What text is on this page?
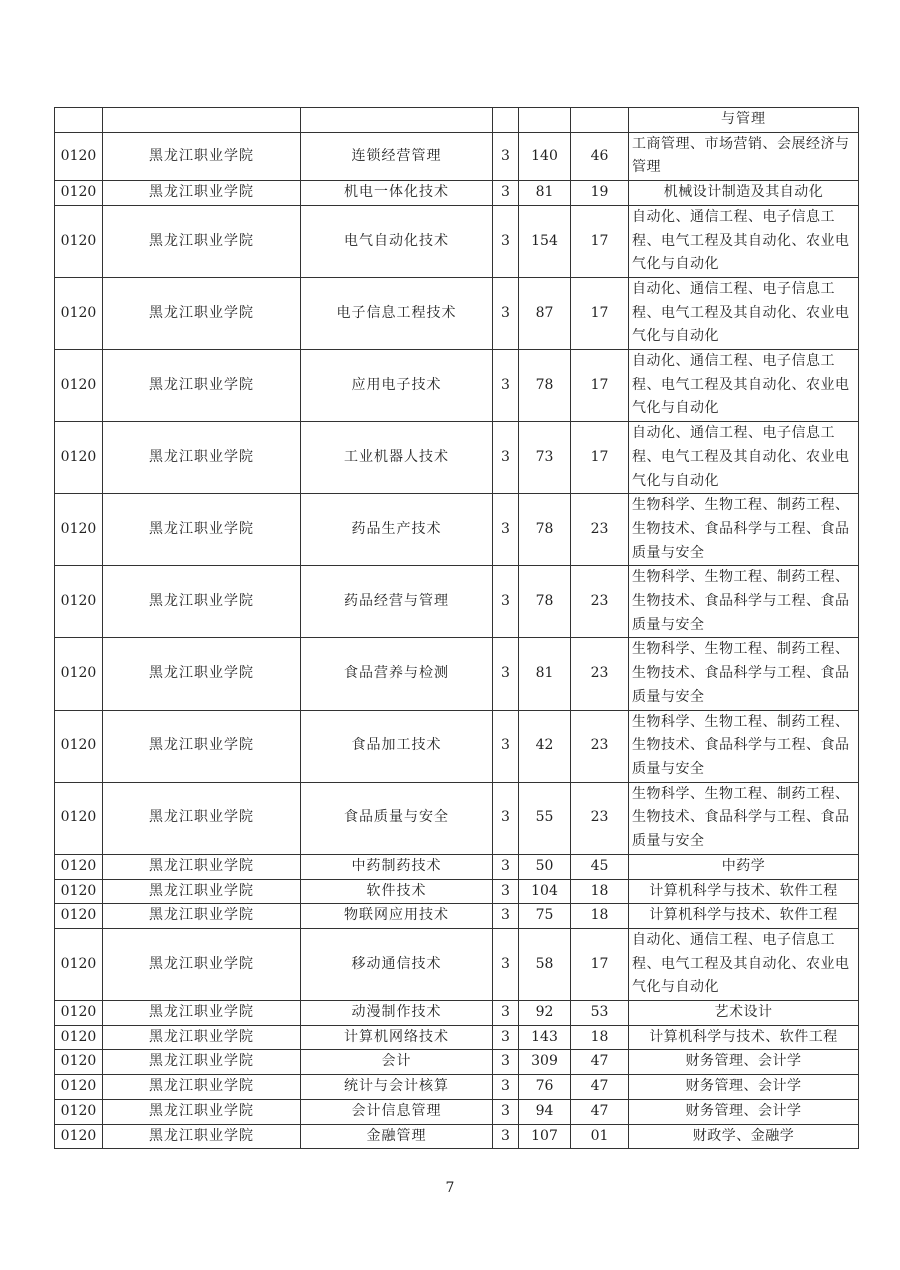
						与管理
0120	黑龙江职业学院	连锁经营管理	3	140	46	工商管理、市场营销、会展经济与管理
0120	黑龙江职业学院	机电一体化技术	3	81	19	机械设计制造及其自动化
0120	黑龙江职业学院	电气自动化技术	3	154	17	自动化、通信工程、电子信息工程、电气工程及其自动化、农业电气化与自动化
0120	黑龙江职业学院	电子信息工程技术	3	87	17	自动化、通信工程、电子信息工程、电气工程及其自动化、农业电气化与自动化
0120	黑龙江职业学院	应用电子技术	3	78	17	自动化、通信工程、电子信息工程、电气工程及其自动化、农业电气化与自动化
0120	黑龙江职业学院	工业机器人技术	3	73	17	自动化、通信工程、电子信息工程、电气工程及其自动化、农业电气化与自动化
0120	黑龙江职业学院	药品生产技术	3	78	23	生物科学、生物工程、制药工程、生物技术、食品科学与工程、食品质量与安全
0120	黑龙江职业学院	药品经营与管理	3	78	23	生物科学、生物工程、制药工程、生物技术、食品科学与工程、食品质量与安全
0120	黑龙江职业学院	食品营养与检测	3	81	23	生物科学、生物工程、制药工程、生物技术、食品科学与工程、食品质量与安全
0120	黑龙江职业学院	食品加工技术	3	42	23	生物科学、生物工程、制药工程、生物技术、食品科学与工程、食品质量与安全
0120	黑龙江职业学院	食品质量与安全	3	55	23	生物科学、生物工程、制药工程、生物技术、食品科学与工程、食品质量与安全
0120	黑龙江职业学院	中药制药技术	3	50	45	中药学
0120	黑龙江职业学院	软件技术	3	104	18	计算机科学与技术、软件工程
0120	黑龙江职业学院	物联网应用技术	3	75	18	计算机科学与技术、软件工程
0120	黑龙江职业学院	移动通信技术	3	58	17	自动化、通信工程、电子信息工程、电气工程及其自动化、农业电气化与自动化
0120	黑龙江职业学院	动漫制作技术	3	92	53	艺术设计
0120	黑龙江职业学院	计算机网络技术	3	143	18	计算机科学与技术、软件工程
0120	黑龙江职业学院	会计	3	309	47	财务管理、会计学
0120	黑龙江职业学院	统计与会计核算	3	76	47	财务管理、会计学
0120	黑龙江职业学院	会计信息管理	3	94	47	财务管理、会计学
0120	黑龙江职业学院	金融管理	3	107	01	财政学、金融学
7
